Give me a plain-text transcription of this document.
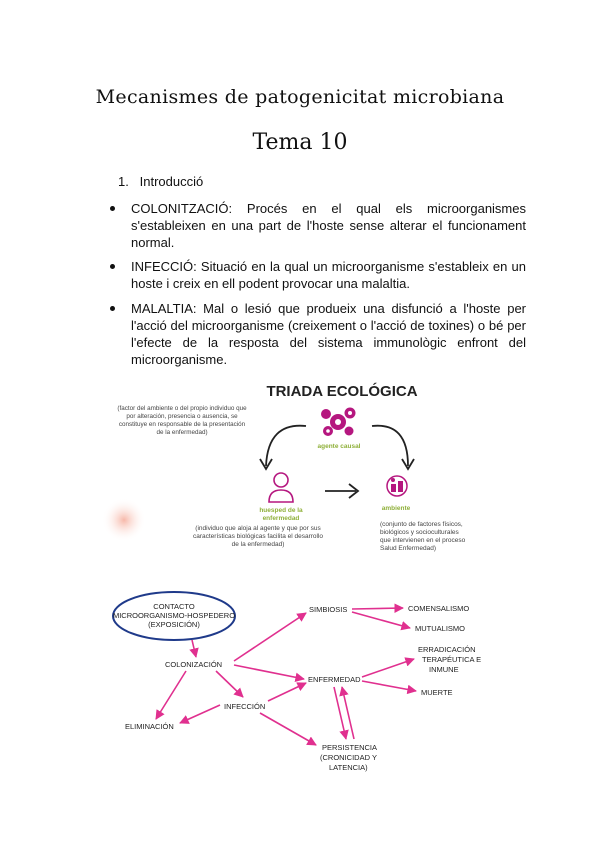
Mecanismes de patogenicitat microbiana
Tema 10
1. Introducció

COLONITZACIÓ: Procés en el qual els microorganismes s'estableixen en una part de l'hoste sense alterar el funcionament normal.

INFECCIÓ: Situació en la qual un microorganisme s'estableix en un hoste i creix en ell podent provocar una malaltia.

MALALTIA: Mal o lesió que produeix una disfunció a l'hoste per l'acció del microorganisme (creixement o l'acció de toxines) o bé per l'efecte de la resposta del sistema immunològic enfront del microorganisme.

TRIADA ECOLÓGICA
(factor del ambiente o del propio individuo que
por alteración, presencia o ausencia, se
constituye en responsable de la presentación
de la enfermedad)
agente causal
huesped de la
enfermedad
ambiente
(individuo que aloja al agente y que por sus
características biológicas facilita el desarrollo
de la enfermedad)
(conjunto de factores físicos,
biológicos y socioculturales
que intervienen en el proceso
Salud Enfermedad)
CONTACTO
MICROORGANISMO-HOSPEDERO
(EXPOSICIÓN)
COLONIZACIÓN
SIMBIOSIS	COMENSALISMO
MUTUALISMO
ENFERMEDAD
ERRADICACIÓN
TERAPÉUTICA E
INMUNE
MUERTE
INFECCIÓN
ELIMINACIÓN
PERSISTENCIA
(CRONICIDAD Y
LATENCIA)
